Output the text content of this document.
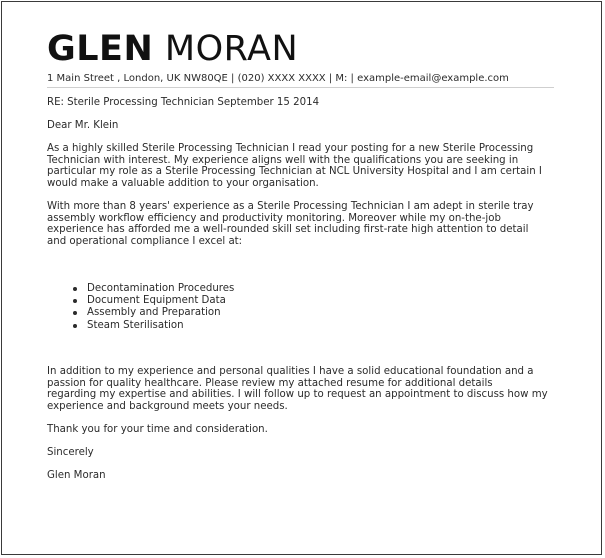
GLEN MORAN
1 Main Street , London, UK NW80QE | (020) XXXX XXXX | M: | example-email@example.com

RE: Sterile Processing Technician September 15 2014

Dear Mr. Klein

As a highly skilled Sterile Processing Technician I read your posting for a new Sterile Processing
Technician with interest. My experience aligns well with the qualifications you are seeking in
particular my role as a Sterile Processing Technician at NCL University Hospital and I am certain I
would make a valuable addition to your organisation.
With more than 8 years' experience as a Sterile Processing Technician I am adept in sterile tray
assembly workflow efficiency and productivity monitoring. Moreover while my on-the-job
experience has afforded me a well-rounded skill set including first-rate high attention to detail
and operational compliance I excel at:
Decontamination Procedures
Document Equipment Data
Assembly and Preparation
Steam Sterilisation
In addition to my experience and personal qualities I have a solid educational foundation and a
passion for quality healthcare. Please review my attached resume for additional details
regarding my expertise and abilities. I will follow up to request an appointment to discuss how my
experience and background meets your needs.

Thank you for your time and consideration.

Sincerely

Glen Moran
